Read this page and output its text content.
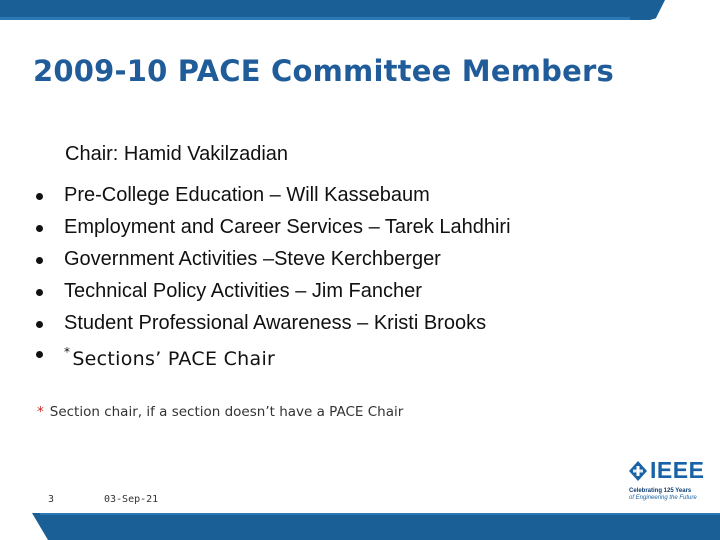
2009-10 PACE Committee Members
Chair: Hamid Vakilzadian
Pre-College Education – Will Kassebaum
Employment and Career Services – Tarek Lahdhiri
Government Activities –Steve Kerchberger
Technical Policy Activities – Jim Fancher
Student Professional Awareness – Kristi Brooks
* Sections’ PACE Chair
* Section chair, if a section doesn’t have a PACE Chair
3	03-Sep-21
IEEE
Celebrating 125 Years
of Engineering the Future
